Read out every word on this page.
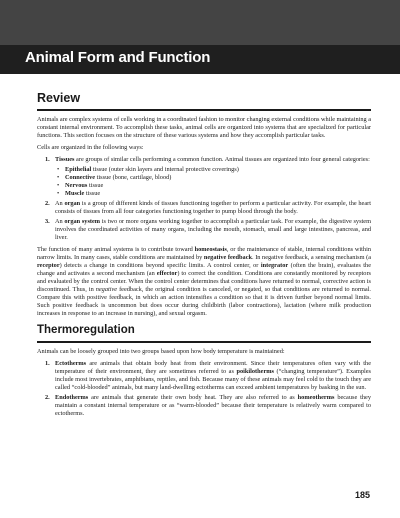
Animal Form and Function
Review

Animals are complex systems of cells working in a coordinated fashion to monitor changing external conditions while maintaining a constant internal environment. To accomplish these tasks, animal cells are organized into systems that are specialized for particular functions. This section focuses on the structure of these various systems and how they accomplish particular tasks.

Cells are organized in the following ways:

1. Tissues are groups of similar cells performing a common function. Animal tissues are organized into four general categories:
• Epithelial tissue (outer skin layers and internal protective coverings)
• Connective tissue (bone, cartilage, blood)
• Nervous tissue
• Muscle tissue
2. An organ is a group of different kinds of tissues functioning together to perform a particular activity. For example, the heart consists of tissues from all four categories functioning together to pump blood through the body.
3. An organ system is two or more organs working together to accomplish a particular task. For example, the digestive system involves the coordinated activities of many organs, including the mouth, stomach, small and large intestines, pancreas, and liver.

The function of many animal systems is to contribute toward homeostasis, or the maintenance of stable, internal conditions within narrow limits. In many cases, stable conditions are maintained by negative feedback. In negative feedback, a sensing mechanism (a receptor) detects a change in conditions beyond specific limits. A control center, or integrator (often the brain), evaluates the change and activates a second mechanism (an effector) to correct the condition. Conditions are constantly monitored by receptors and evaluated by the control center. When the control center determines that conditions have returned to normal, corrective action is discontinued. Thus, in negative feedback, the original condition is canceled, or negated, so that conditions are returned to normal. Compare this with positive feedback, in which an action intensifies a condition so that it is driven further beyond normal limits. Such positive feedback is uncommon but does occur during childbirth (labor contractions), lactation (where milk production increases in response to an increase in nursing), and sexual orgasm.

Thermoregulation

Animals can be loosely grouped into two groups based upon how body temperature is maintained:

1. Ectotherms are animals that obtain body heat from their environment. Since their temperatures often vary with the temperature of their environment, they are sometimes referred to as poikilotherms (“changing temperature”). Examples include most invertebrates, amphibians, reptiles, and fish. Because many of these animals may feel cold to the touch they are called “cold-blooded” animals, but many land-dwelling ectotherms can exceed ambient temperatures by basking in the sun.
2. Endotherms are animals that generate their own body heat. They are also referred to as homeotherms because they maintain a constant internal temperature or as “warm-blooded” because their temperature is relatively warm compared to ectotherms.
185
